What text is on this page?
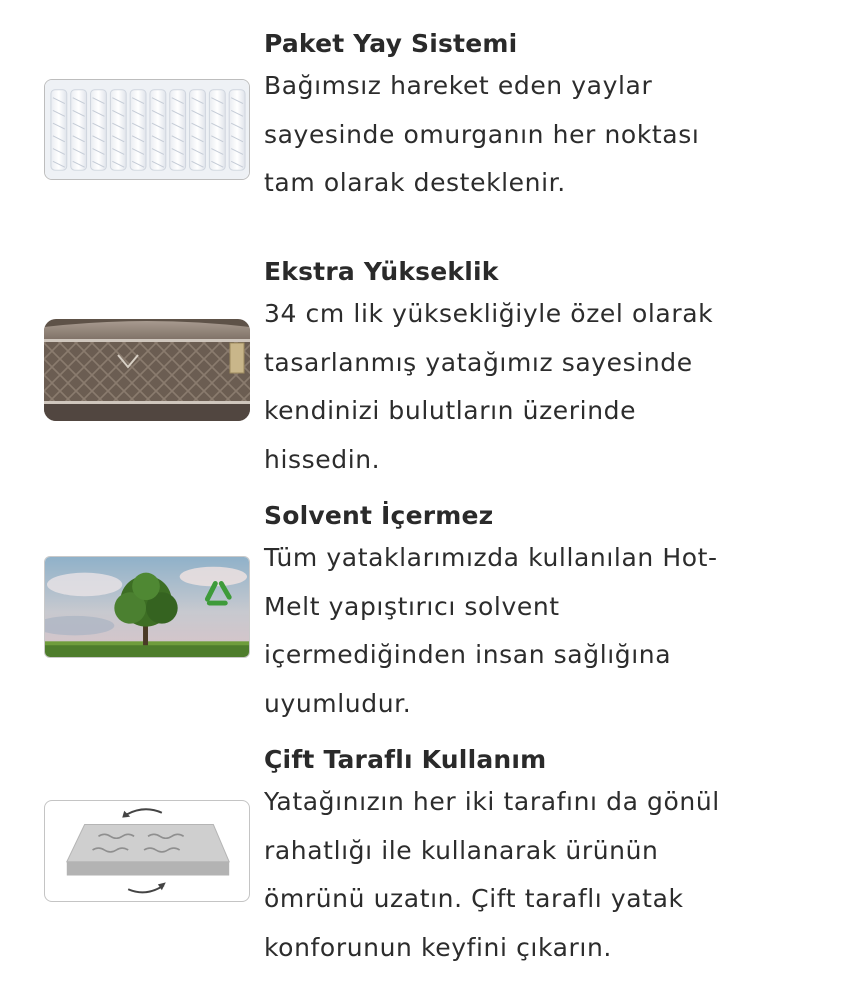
Paket Yay Sistemi

Bağımsız hareket eden yaylar
sayesinde omurganın her noktası
tam olarak desteklenir.

Ekstra Yükseklik

34 cm lik yüksekliğiyle özel olarak
tasarlanmış yatağımız sayesinde
kendinizi bulutların üzerinde
hissedin.

Solvent İçermez

Tüm yataklarımızda kullanılan Hot-
Melt yapıştırıcı solvent
içermediğinden insan sağlığına
uyumludur.

Çift Taraflı Kullanım

Yatağınızın her iki tarafını da gönül
rahatlığı ile kullanarak ürünün
ömrünü uzatın. Çift taraflı yatak
konforunun keyfini çıkarın.
